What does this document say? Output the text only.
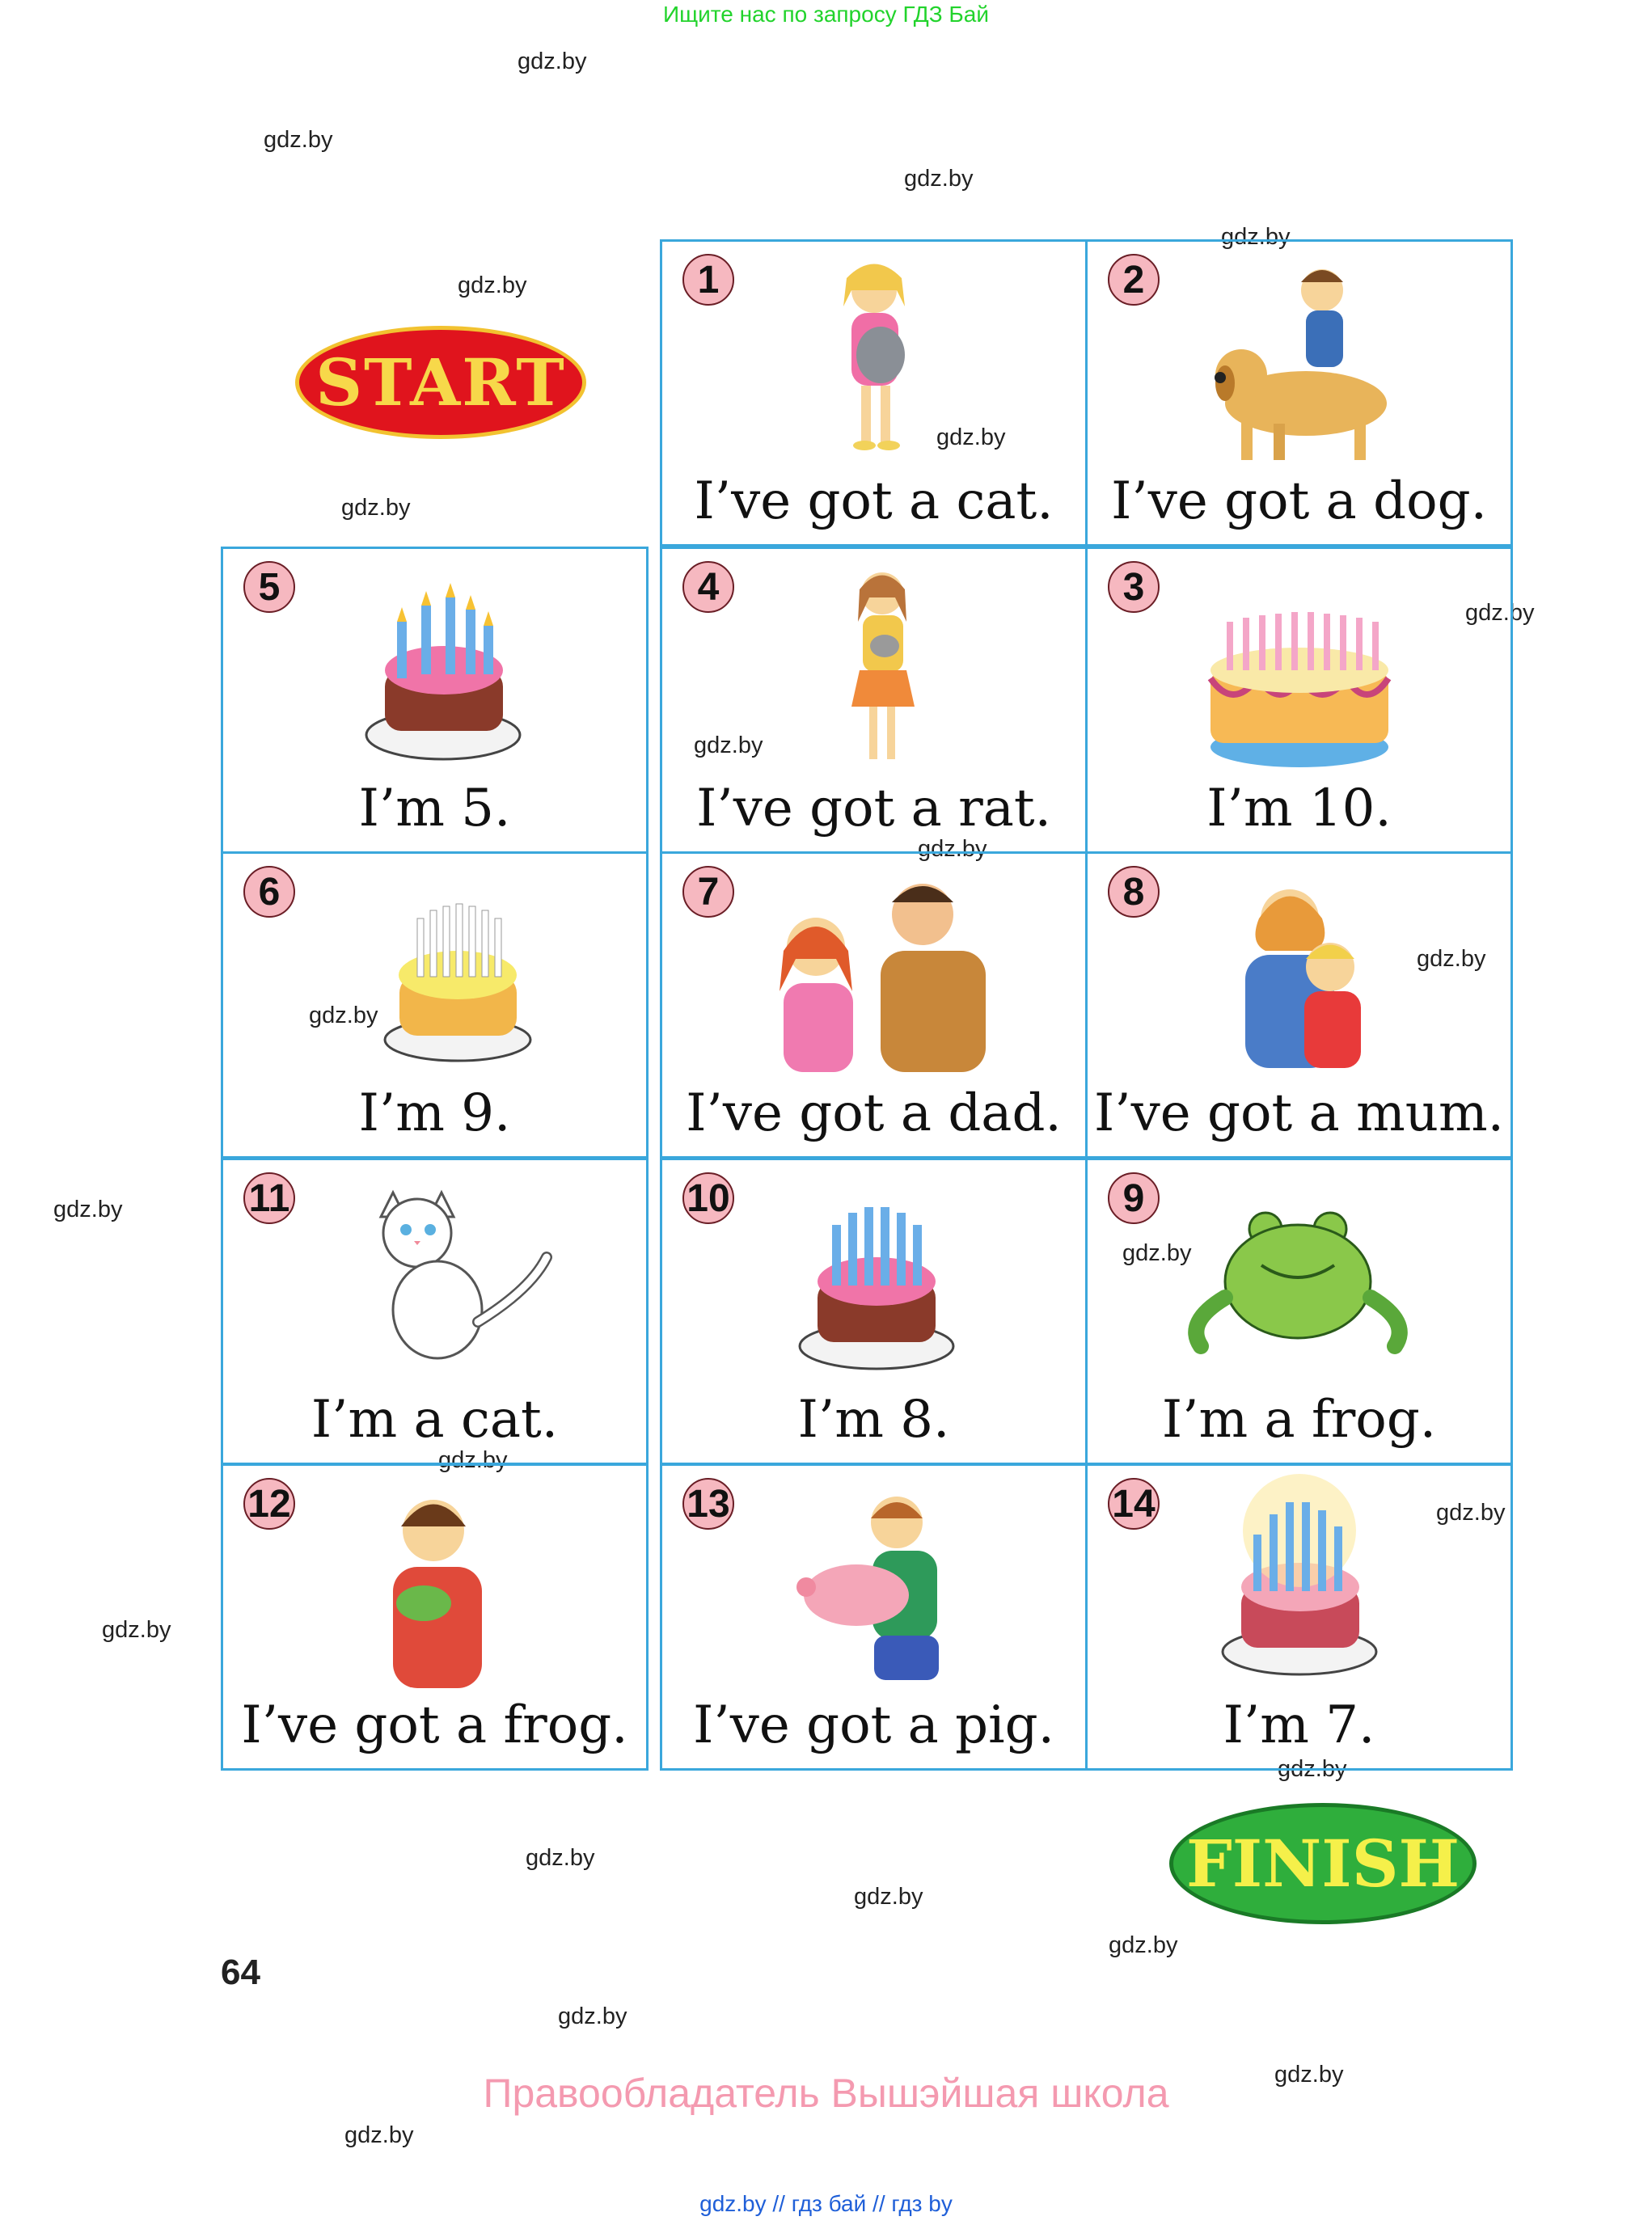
Ищите нас по запросу ГДЗ Бай
gdz.by
gdz.by
gdz.by
gdz.by
gdz.by
gdz.by
gdz.by
gdz.by
gdz.by
gdz.by
gdz.by
gdz.by
gdz.by
gdz.by
gdz.by
gdz.by
gdz.by
gdz.by
gdz.by
gdz.by
gdz.by
gdz.by
gdz.by
gdz.by
START
1
I’ve got a cat.
2
I’ve got a dog.
5
I’m 5.
4
I’ve got a rat.
3
I’m 10.
6
I’m 9.
7
I’ve got a dad.
8
I’ve got a mum.
11
I’m a cat.
10
I’m 8.
9
I’m a frog.
12
I’ve got a frog.
13
I’ve got a pig.
14
I’m 7.
FINISH
64
Правообладатель Вышэйшая школа
gdz.by // гдз бай // гдз by
